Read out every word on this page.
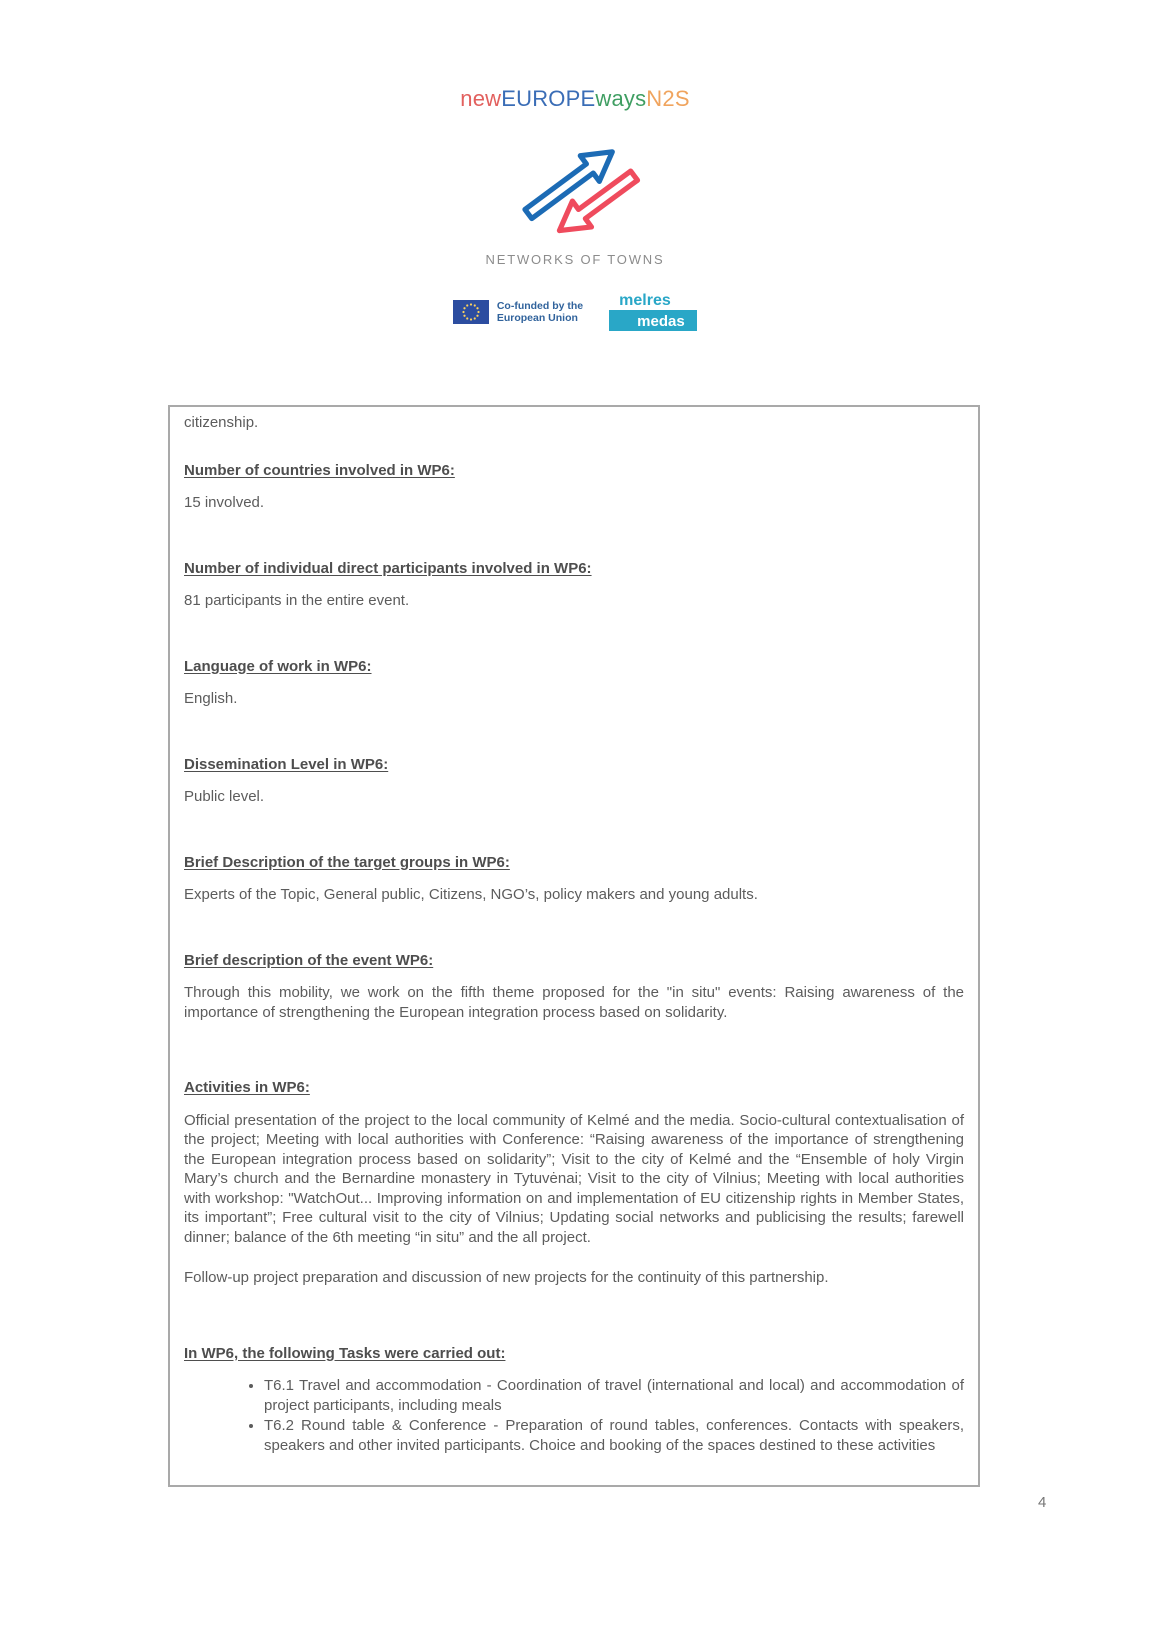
newEUROPEwaysN2S
NETWORKS OF TOWNS
Co-funded by the
European Union
melres
medas
citizenship.
Number of countries involved in WP6:
15 involved.
Number of individual direct participants involved in WP6:
81 participants in the entire event.
Language of work in WP6:
English.
Dissemination Level in WP6:
Public level.
Brief Description of the target groups in WP6:
Experts of the Topic, General public, Citizens, NGO’s, policy makers and young adults.
Brief description of the event WP6:
Through this mobility, we work on the fifth theme proposed for the "in situ" events: Raising awareness of the importance of strengthening the European integration process based on solidarity.
Activities in WP6:
Official presentation of the project to the local community of Kelmé and the media. Socio-cultural contextualisation of the project; Meeting with local authorities with Conference: “Raising awareness of the importance of strengthening the European integration process based on solidarity”; Visit to the city of Kelmé and the “Ensemble of holy Virgin Mary’s church and the Bernardine monastery in Tytuvėnai; Visit to the city of Vilnius; Meeting with local authorities with workshop: "WatchOut... Improving information on and implementation of EU citizenship rights in Member States, its important”; Free cultural visit to the city of Vilnius; Updating social networks and publicising the results; farewell dinner; balance of the 6th meeting “in situ” and the all project.
Follow-up project preparation and discussion of new projects for the continuity of this partnership.
In WP6, the following Tasks were carried out:
• T6.1 Travel and accommodation - Coordination of travel (international and local) and accommodation of project participants, including meals
• T6.2 Round table & Conference - Preparation of round tables, conferences. Contacts with speakers, speakers and other invited participants. Choice and booking of the spaces destined to these activities
4
